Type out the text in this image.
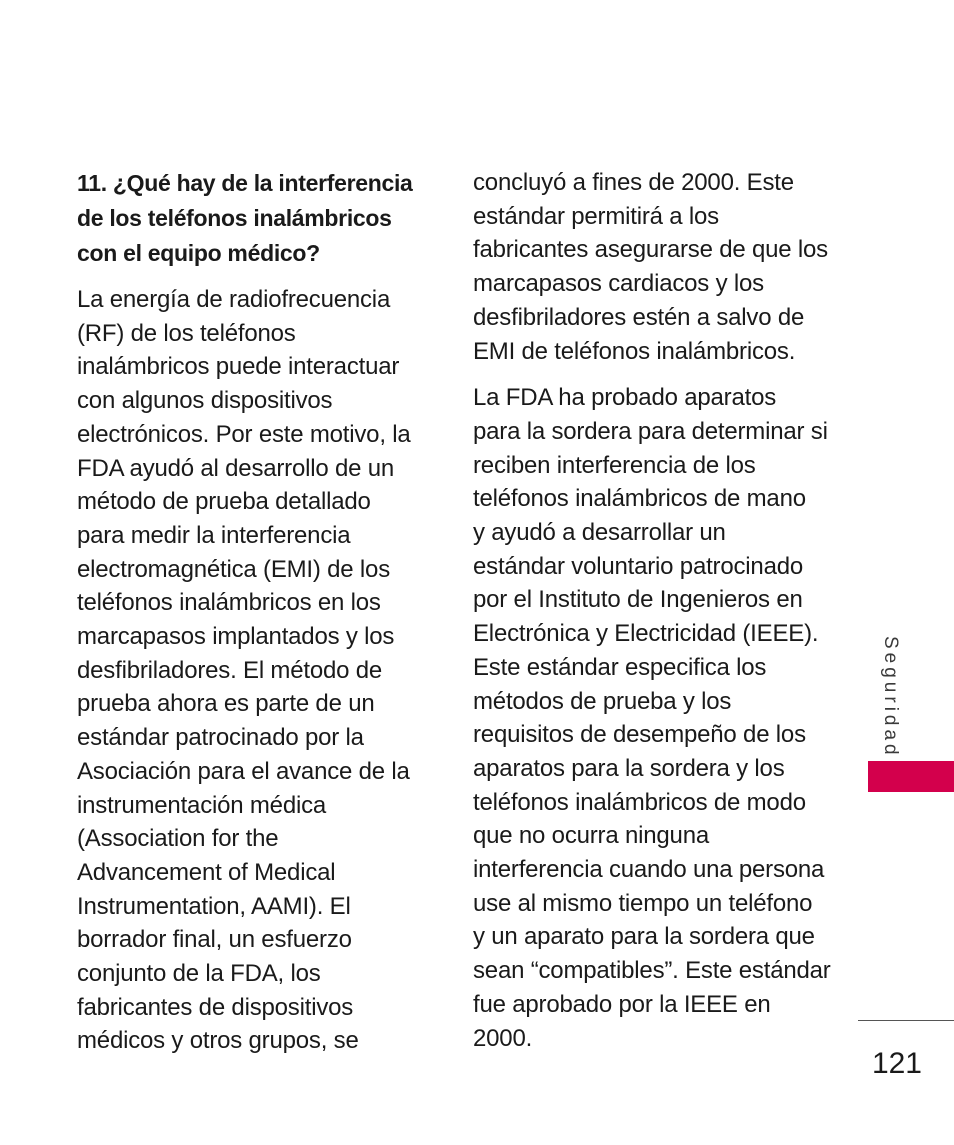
11. ¿Qué hay de la interferencia
de los teléfonos inalámbricos
con el equipo médico?
La energía de radiofrecuencia
(RF) de los teléfonos
inalámbricos puede interactuar
con algunos dispositivos
electrónicos. Por este motivo, la
FDA ayudó al desarrollo de un
método de prueba detallado
para medir la interferencia
electromagnética (EMI) de los
teléfonos inalámbricos en los
marcapasos implantados y los
desfibriladores. El método de
prueba ahora es parte de un
estándar patrocinado por la
Asociación para el avance de la
instrumentación médica
(Association for the
Advancement of Medical
Instrumentation, AAMI). El
borrador final, un esfuerzo
conjunto de la FDA, los
fabricantes de dispositivos
médicos y otros grupos, se
concluyó a fines de 2000. Este
estándar permitirá a los
fabricantes asegurarse de que los
marcapasos cardiacos y los
desfibriladores estén a salvo de
EMI de teléfonos inalámbricos.
La FDA ha probado aparatos
para la sordera para determinar si
reciben interferencia de los
teléfonos inalámbricos de mano
y ayudó a desarrollar un
estándar voluntario patrocinado
por el Instituto de Ingenieros en
Electrónica y Electricidad (IEEE).
Este estándar especifica los
métodos de prueba y los
requisitos de desempeño de los
aparatos para la sordera y los
teléfonos inalámbricos de modo
que no ocurra ninguna
interferencia cuando una persona
use al mismo tiempo un teléfono
y un aparato para la sordera que
sean “compatibles”. Este estándar
fue aprobado por la IEEE en
2000.
Seguridad
121
